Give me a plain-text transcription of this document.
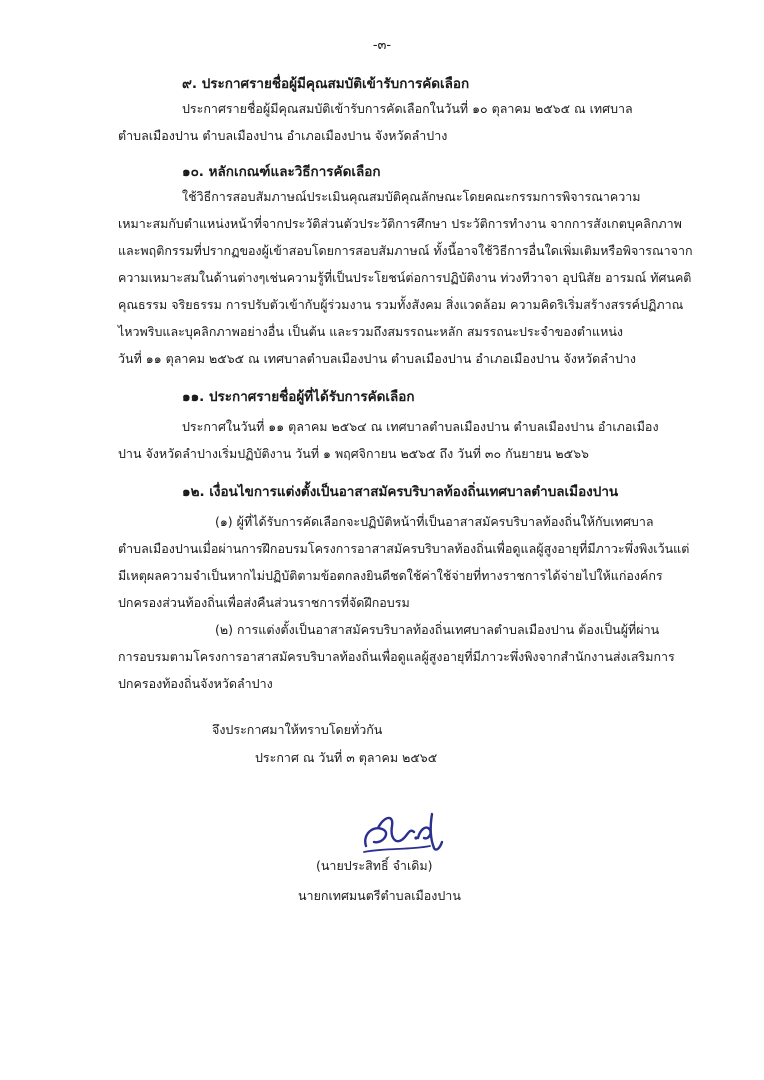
-๓-
๙. ประกาศรายชื่อผู้มีคุณสมบัติเข้ารับการคัดเลือก
ประกาศรายชื่อผู้มีคุณสมบัติเข้ารับการคัดเลือกในวันที่ ๑๐ ตุลาคม ๒๕๖๕ ณ เทศบาล
ตำบลเมืองปาน ตำบลเมืองปาน อำเภอเมืองปาน จังหวัดลำปาง
๑๐. หลักเกณฑ์และวิธีการคัดเลือก
ใช้วิธีการสอบสัมภาษณ์ประเมินคุณสมบัติคุณลักษณะโดยคณะกรรมการพิจารณาความ
เหมาะสมกับตำแหน่งหน้าที่จากประวัติส่วนตัวประวัติการศึกษา ประวัติการทำงาน จากการสังเกตบุคลิกภาพ
และพฤติกรรมที่ปรากฏของผู้เข้าสอบโดยการสอบสัมภาษณ์ ทั้งนี้อาจใช้วิธีการอื่นใดเพิ่มเติมหรือพิจารณาจาก
ความเหมาะสมในด้านต่างๆเช่นความรู้ที่เป็นประโยชน์ต่อการปฏิบัติงาน ท่วงทีวาจา อุปนิสัย อารมณ์ ทัศนคติ
คุณธรรม จริยธรรม การปรับตัวเข้ากับผู้ร่วมงาน รวมทั้งสังคม สิ่งแวดล้อม ความคิดริเริ่มสร้างสรรค์ปฏิภาณ
ไหวพริบและบุคลิกภาพอย่างอื่น เป็นต้น และรวมถึงสมรรถนะหลัก สมรรถนะประจำของตำแหน่ง
วันที่ ๑๑ ตุลาคม ๒๕๖๕ ณ เทศบาลตำบลเมืองปาน ตำบลเมืองปาน อำเภอเมืองปาน จังหวัดลำปาง
๑๑. ประกาศรายชื่อผู้ที่ได้รับการคัดเลือก
ประกาศในวันที่ ๑๑ ตุลาคม ๒๕๖๔ ณ เทศบาลตำบลเมืองปาน ตำบลเมืองปาน อำเภอเมือง
ปาน จังหวัดลำปางเริ่มปฏิบัติงาน วันที่ ๑ พฤศจิกายน ๒๕๖๕ ถึง วันที่ ๓๐ กันยายน ๒๕๖๖
๑๒. เงื่อนไขการแต่งตั้งเป็นอาสาสมัครบริบาลท้องถิ่นเทศบาลตำบลเมืองปาน
(๑) ผู้ที่ได้รับการคัดเลือกจะปฏิบัติหน้าที่เป็นอาสาสมัครบริบาลท้องถิ่นให้กับเทศบาล
ตำบลเมืองปานเมื่อผ่านการฝึกอบรมโครงการอาสาสมัครบริบาลท้องถิ่นเพื่อดูแลผู้สูงอายุที่มีภาวะพึ่งพิงเว้นแต่
มีเหตุผลความจำเป็นหากไม่ปฏิบัติตามข้อตกลงยินดีชดใช้ค่าใช้จ่ายที่ทางราชการได้จ่ายไปให้แก่องค์กร
ปกครองส่วนท้องถิ่นเพื่อส่งคืนส่วนราชการที่จัดฝึกอบรม
(๒) การแต่งตั้งเป็นอาสาสมัครบริบาลท้องถิ่นเทศบาลตำบลเมืองปาน ต้องเป็นผู้ที่ผ่าน
การอบรมตามโครงการอาสาสมัครบริบาลท้องถิ่นเพื่อดูแลผู้สูงอายุที่มีภาวะพึ่งพิงจากสำนักงานส่งเสริมการ
ปกครองท้องถิ่นจังหวัดลำปาง
จึงประกาศมาให้ทราบโดยทั่วกัน
ประกาศ ณ วันที่ ๓ ตุลาคม ๒๕๖๕
(นายประสิทธิ์ จำเดิม)
นายกเทศมนตรีตำบลเมืองปาน
